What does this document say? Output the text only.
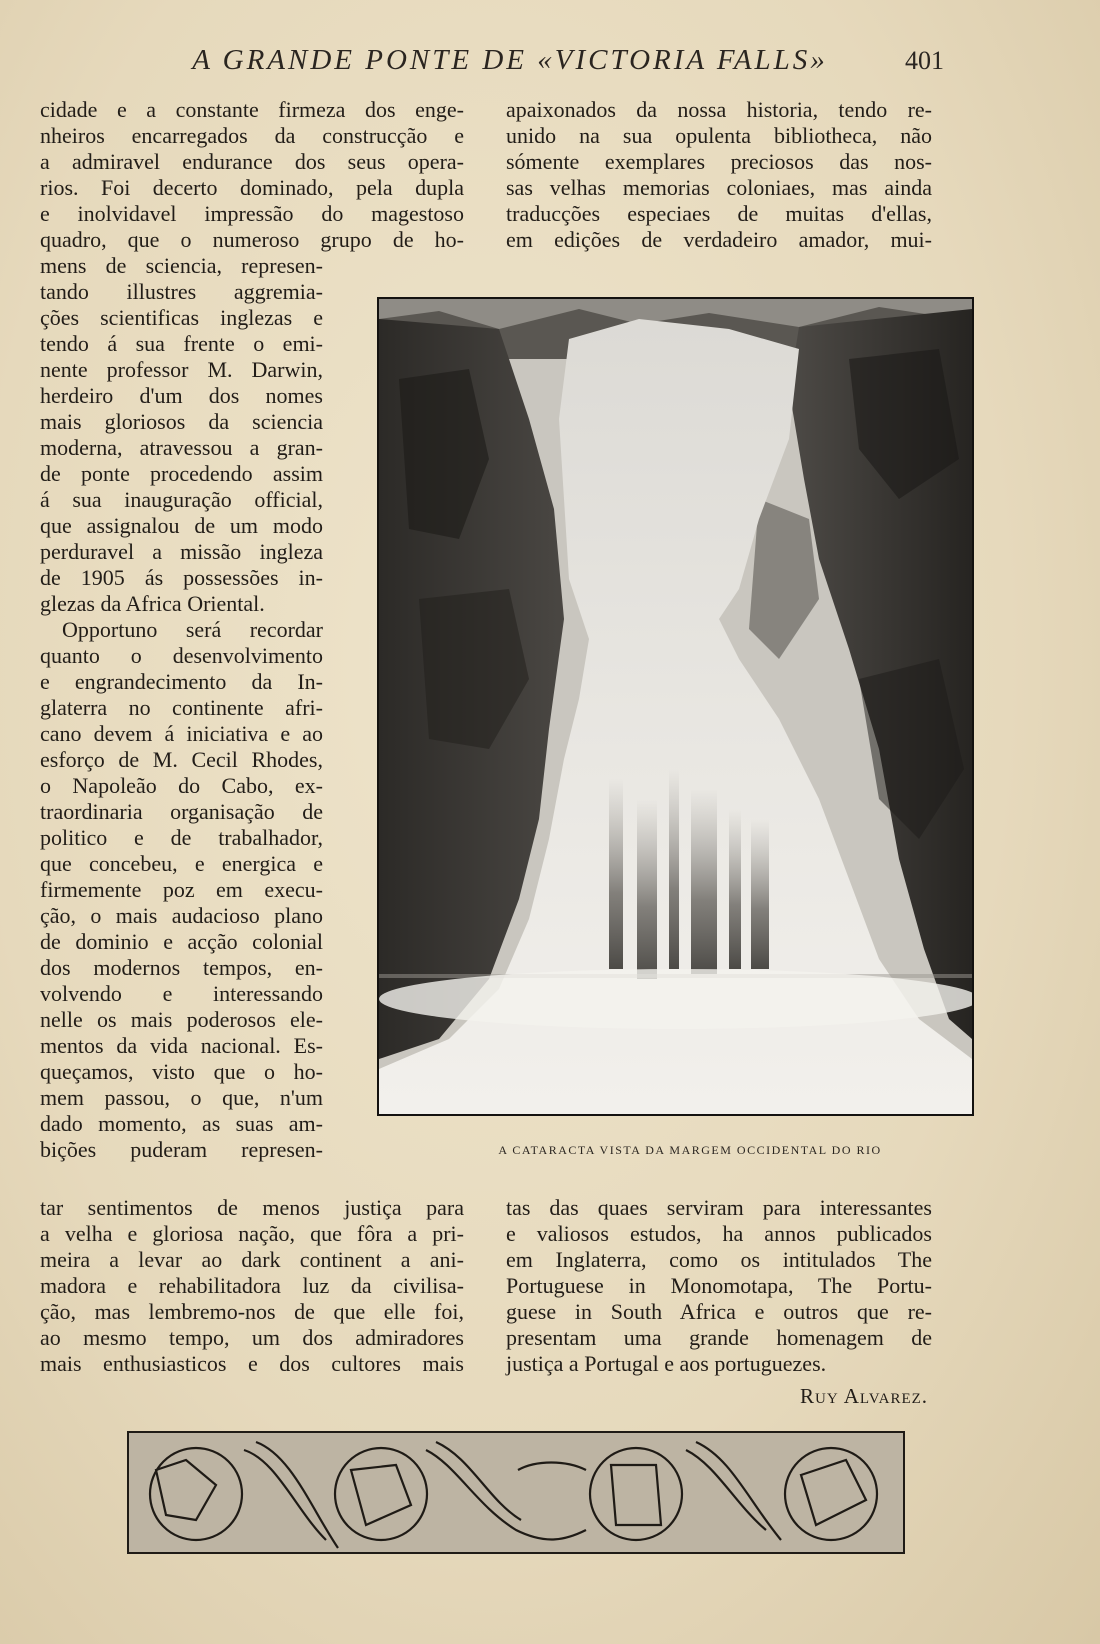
A GRANDE PONTE DE «VICTORIA FALLS»	401
cidade e a constante firmeza dos enge-
nheiros encarregados da construcção e
a admiravel endurance dos seus opera-
rios. Foi decerto dominado, pela dupla
e inolvidavel impressão do magestoso
quadro, que o numeroso grupo de ho-
mens de sciencia, represen-
tando illustres aggremia-
ções scientificas inglezas e
tendo á sua frente o emi-
nente professor M. Darwin,
herdeiro d'um dos nomes
mais gloriosos da sciencia
moderna, atravessou a gran-
de ponte procedendo assim
á sua inauguração official,
que assignalou de um modo
perduravel a missão ingleza
de 1905 ás possessões in-
glezas da Africa Oriental.
Opportuno será recordar
quanto o desenvolvimento
e engrandecimento da In-
glaterra no continente afri-
cano devem á iniciativa e ao
esforço de M. Cecil Rhodes,
o Napoleão do Cabo, ex-
traordinaria organisação de
politico e de trabalhador,
que concebeu, e energica e
firmemente poz em execu-
ção, o mais audacioso plano
de dominio e acção colonial
dos modernos tempos, en-
volvendo e interessando
nelle os mais poderosos ele-
mentos da vida nacional. Es-
queçamos, visto que o ho-
mem passou, o que, n'um
dado momento, as suas am-
bições puderam represen-
tar sentimentos de menos justiça para
a velha e gloriosa nação, que fôra a pri-
meira a levar ao dark continent a ani-
madora e rehabilitadora luz da civilisa-
ção, mas lembremo-nos de que elle foi,
ao mesmo tempo, um dos admiradores
mais enthusiasticos e dos cultores mais
apaixonados da nossa historia, tendo re-
unido na sua opulenta bibliotheca, não
sómente exemplares preciosos das nos-
sas velhas memorias coloniaes, mas ainda
traducções especiaes de muitas d'ellas,
em edições de verdadeiro amador, mui-
tas das quaes serviram para interessantes
e valiosos estudos, ha annos publicados
em Inglaterra, como os intitulados The
Portuguese in Monomotapa, The Portu-
guese in South Africa e outros que re-
presentam uma grande homenagem de
justiça a Portugal e aos portuguezes.
Ruy Alvarez.
A CATARACTA VISTA DA MARGEM OCCIDENTAL DO RIO
